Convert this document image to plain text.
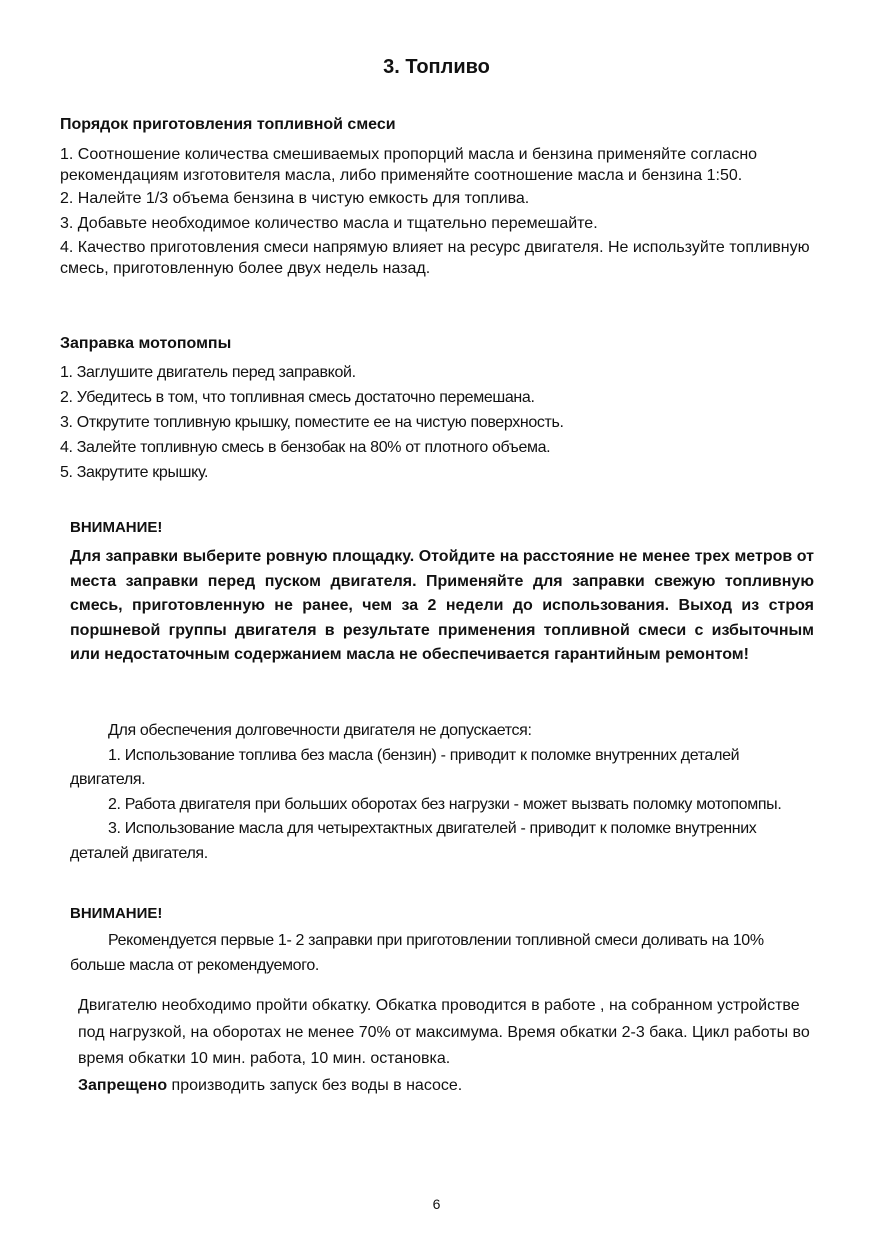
3. Топливо
Порядок приготовления топливной смеси

1. Соотношение количества смешиваемых пропорций масла и бензина применяйте согласно рекомендациям изготовителя масла, либо применяйте соотношение масла и бензина 1:50.

2. Налейте 1/3 объема бензина в чистую емкость для топлива.

3. Добавьте необходимое количество масла и тщательно перемешайте.

4. Качество приготовления смеси напрямую влияет на ресурс двигателя. Не используйте топливную смесь, приготовленную более двух недель назад.

Заправка мотопомпы

1. Заглушите двигатель перед заправкой.

2. Убедитесь в том, что топливная смесь достаточно перемешана.

3. Открутите топливную крышку, поместите ее на чистую поверхность.

4. Залейте топливную смесь в бензобак на 80% от плотного объема.

5. Закрутите крышку.

ВНИМАНИЕ!

Для заправки выберите ровную площадку. Отойдите на расстояние не менее трех метров от места заправки перед пуском двигателя. Применяйте для заправки свежую топливную смесь, приготовленную не ранее, чем за 2 недели до использования. Выход из строя поршневой группы двигателя в результате применения топливной смеси с избыточным или недостаточным содержанием масла не обеспечивается гарантийным ремонтом!

Для обеспечения долговечности двигателя не допускается:

1. Использование топлива без масла (бензин) - приводит к поломке внутренних деталей двигателя.

2. Работа двигателя при больших оборотах без нагрузки - может вызвать поломку мотопомпы.

3. Использование масла для четырехтактных двигателей - приводит к поломке внутренних деталей двигателя.

ВНИМАНИЕ!

Рекомендуется первые 1- 2 заправки при приготовлении топливной смеси доливать на 10% больше масла от рекомендуемого.

Двигателю необходимо пройти обкатку. Обкатка проводится в работе , на собранном устройстве под нагрузкой, на оборотах не менее 70% от максимума. Время обкатки 2-3 бака. Цикл работы во время обкатки 10 мин. работа, 10 мин. остановка.

Запрещено производить запуск без воды в насосе.

6
